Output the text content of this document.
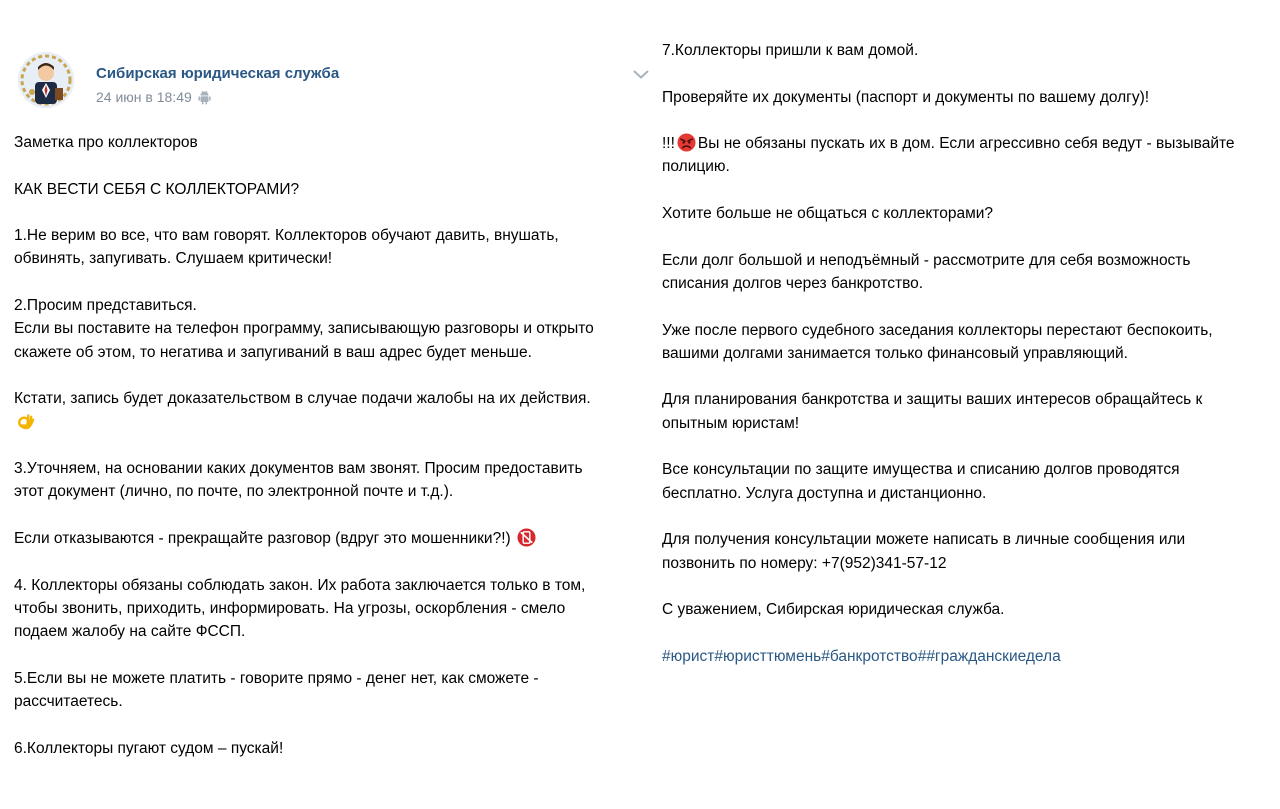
Сибирская юридическая служба
24 июн в 18:49

Заметка про коллекторов

КАК ВЕСТИ СЕБЯ С КОЛЛЕКТОРАМИ?

1.Не верим во все, что вам говорят. Коллекторов обучают давить, внушать,

обвинять, запугивать. Слушаем критически!

2.Просим представиться.

Если вы поставите на телефон программу, записывающую разговоры и открыто

скажете об этом, то негатива и запугиваний в ваш адрес будет меньше.

Кстати, запись будет доказательством в случае подачи жалобы на их действия.

3.Уточняем, на основании каких документов вам звонят. Просим предоставить

этот документ (лично, по почте, по электронной почте и т.д.).

Если отказываются - прекращайте разговор (вдруг это мошенники?!)

4. Коллекторы обязаны соблюдать закон. Их работа заключается только в том,

чтобы звонить, приходить, информировать. На угрозы, оскорбления - смело

подаем жалобу на сайте ФССП.

5.Если вы не можете платить - говорите прямо - денег нет, как сможете -

рассчитаетесь.

6.Коллекторы пугают судом – пускай!

7.Коллекторы пришли к вам домой.

Проверяйте их документы (паспорт и документы по вашему долгу)!

!!! Вы не обязаны пускать их в дом. Если агрессивно себя ведут - вызывайте

полицию.

Хотите больше не общаться с коллекторами?

Если долг большой и неподъёмный - рассмотрите для себя возможность

списания долгов через банкротство.

Уже после первого судебного заседания коллекторы перестают беспокоить,

вашими долгами занимается только финансовый управляющий.

Для планирования банкротства и защиты ваших интересов обращайтесь к

опытным юристам!

Все консультации по защите имущества и списанию долгов проводятся

бесплатно. Услуга доступна и дистанционно.

Для получения консультации можете написать в личные сообщения или

позвонить по номеру: +7(952)341-57-12

С уважением, Сибирская юридическая служба.

#юрист#юристтюмень#банкротство##гражданскиедела
